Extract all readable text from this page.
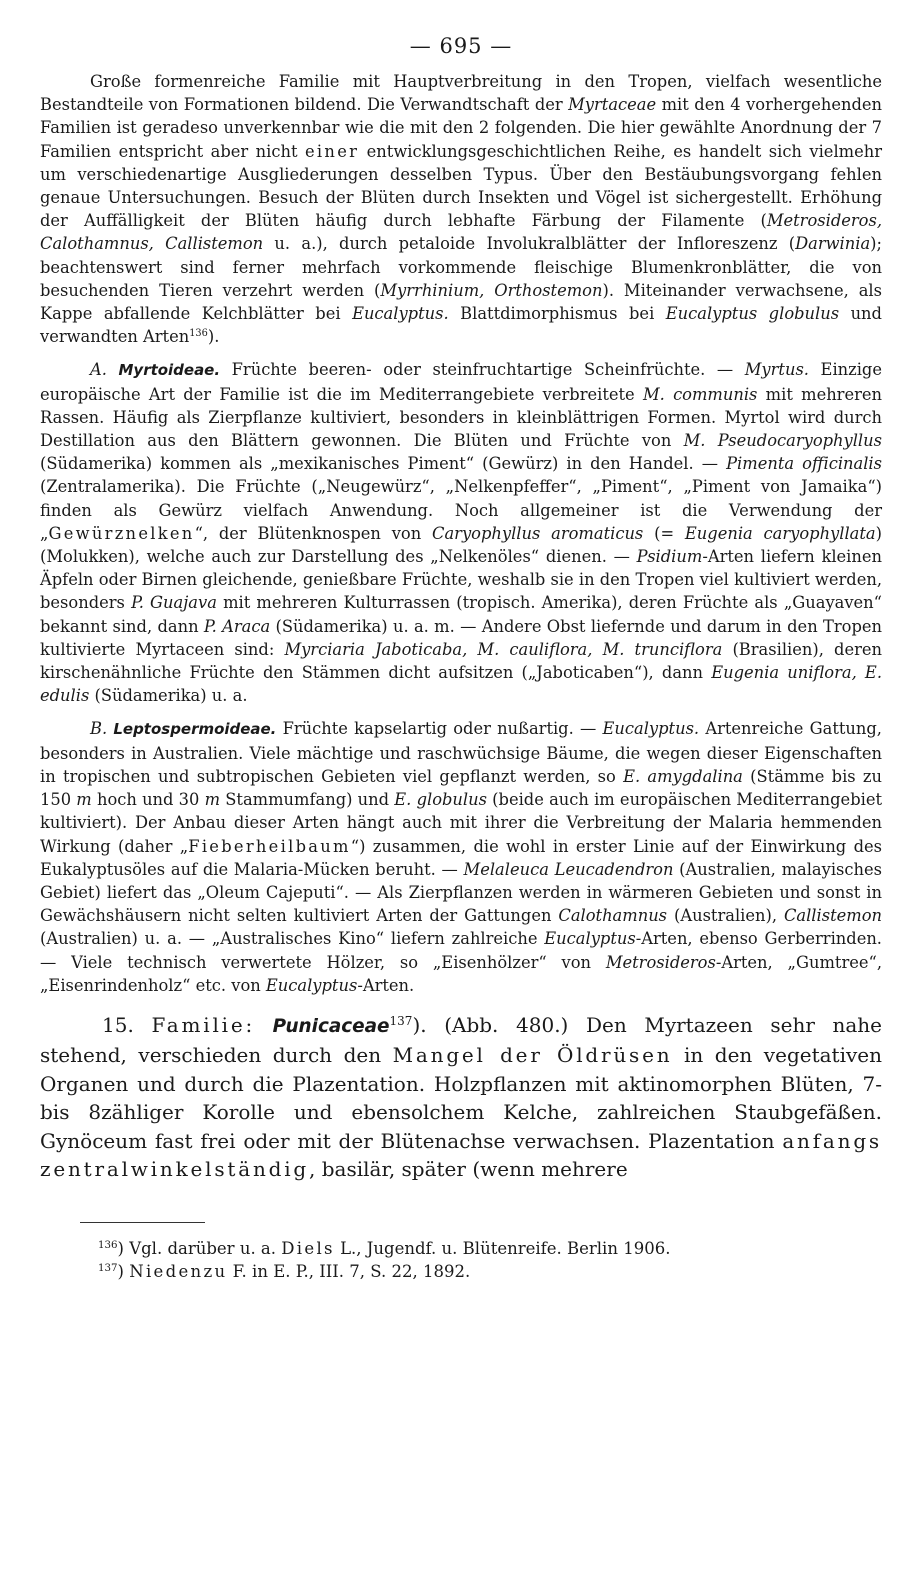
— 695 —

Große formenreiche Familie mit Hauptverbreitung in den Tropen, vielfach wesentliche Bestandteile von Formationen bildend. Die Verwandtschaft der Myrtaceae mit den 4 vorhergehenden Familien ist geradeso unverkennbar wie die mit den 2 folgenden. Die hier gewählte Anordnung der 7 Familien entspricht aber nicht einer entwicklungsgeschichtlichen Reihe, es handelt sich vielmehr um verschiedenartige Ausgliederungen desselben Typus. Über den Bestäubungsvorgang fehlen genaue Untersuchungen. Besuch der Blüten durch Insekten und Vögel ist sichergestellt. Erhöhung der Auffälligkeit der Blüten häufig durch lebhafte Färbung der Filamente (Metrosideros, Calothamnus, Callistemon u. a.), durch petaloide Involukralblätter der Infloreszenz (Darwinia); beachtenswert sind ferner mehrfach vorkommende fleischige Blumenkronblätter, die von besuchenden Tieren verzehrt werden (Myrrhinium, Orthostemon). Miteinander verwachsene, als Kappe abfallende Kelchblätter bei Eucalyptus. Blattdimorphismus bei Eucalyptus globulus und verwandten Arten$^{136}$).

A. Myrtoideae. Früchte beeren- oder steinfruchtartige Scheinfrüchte. — Myrtus. Einzige europäische Art der Familie ist die im Mediterrangebiete verbreitete M. communis mit mehreren Rassen. Häufig als Zierpflanze kultiviert, besonders in kleinblättrigen Formen. Myrtol wird durch Destillation aus den Blättern gewonnen. Die Blüten und Früchte von M. Pseudocaryophyllus (Südamerika) kommen als „mexikanisches Piment“ (Gewürz) in den Handel. — Pimenta officinalis (Zentralamerika). Die Früchte („Neugewürz“, „Nelkenpfeffer“, „Piment“, „Piment von Jamaika“) finden als Gewürz vielfach Anwendung. Noch allgemeiner ist die Verwendung der „Gewürznelken“, der Blütenknospen von Caryophyllus aromaticus (= Eugenia caryophyllata) (Molukken), welche auch zur Darstellung des „Nelkenöles“ dienen. — Psidium-Arten liefern kleinen Äpfeln oder Birnen gleichende, genießbare Früchte, weshalb sie in den Tropen viel kultiviert werden, besonders P. Guajava mit mehreren Kulturrassen (tropisch. Amerika), deren Früchte als „Guayaven“ bekannt sind, dann P. Araca (Südamerika) u. a. m. — Andere Obst liefernde und darum in den Tropen kultivierte Myrtaceen sind: Myrciaria Jaboticaba, M. cauliflora, M. trunciflora (Brasilien), deren kirschenähnliche Früchte den Stämmen dicht aufsitzen („Jaboticaben“), dann Eugenia uniflora, E. edulis (Südamerika) u. a.

B. Leptospermoideae. Früchte kapselartig oder nußartig. — Eucalyptus. Artenreiche Gattung, besonders in Australien. Viele mächtige und raschwüchsige Bäume, die wegen dieser Eigenschaften in tropischen und subtropischen Gebieten viel gepflanzt werden, so E. amygdalina (Stämme bis zu 150 m hoch und 30 m Stammumfang) und E. globulus (beide auch im europäischen Mediterrangebiet kultiviert). Der Anbau dieser Arten hängt auch mit ihrer die Verbreitung der Malaria hemmenden Wirkung (daher „Fieberheilbaum“) zusammen, die wohl in erster Linie auf der Einwirkung des Eukalyptusöles auf die Malaria-Mücken beruht. — Melaleuca Leucadendron (Australien, malayisches Gebiet) liefert das „Oleum Cajeputi“. — Als Zierpflanzen werden in wärmeren Gebieten und sonst in Gewächshäusern nicht selten kultiviert Arten der Gattungen Calothamnus (Australien), Callistemon (Australien) u. a. — „Australisches Kino“ liefern zahlreiche Eucalyptus-Arten, ebenso Gerberrinden. — Viele technisch verwertete Hölzer, so „Eisenhölzer“ von Metrosideros-Arten, „Gumtree“, „Eisenrindenholz“ etc. von Eucalyptus-Arten.

15. Familie: Punicaceae$^{137}$). (Abb. 480.) Den Myrtazeen sehr nahe stehend, verschieden durch den Mangel der Öldrüsen in den vegetativen Organen und durch die Plazentation. Holzpflanzen mit aktinomorphen Blüten, 7- bis 8zähliger Korolle und ebensolchem Kelche, zahlreichen Staubgefäßen. Gynöceum fast frei oder mit der Blütenachse verwachsen. Plazentation anfangs zentralwinkelständig, basilär, später (wenn mehrere

$^{136}$) Vgl. darüber u. a. Diels L., Jugendf. u. Blütenreife. Berlin 1906.
$^{137}$) Niedenzu F. in E. P., III. 7, S. 22, 1892.
